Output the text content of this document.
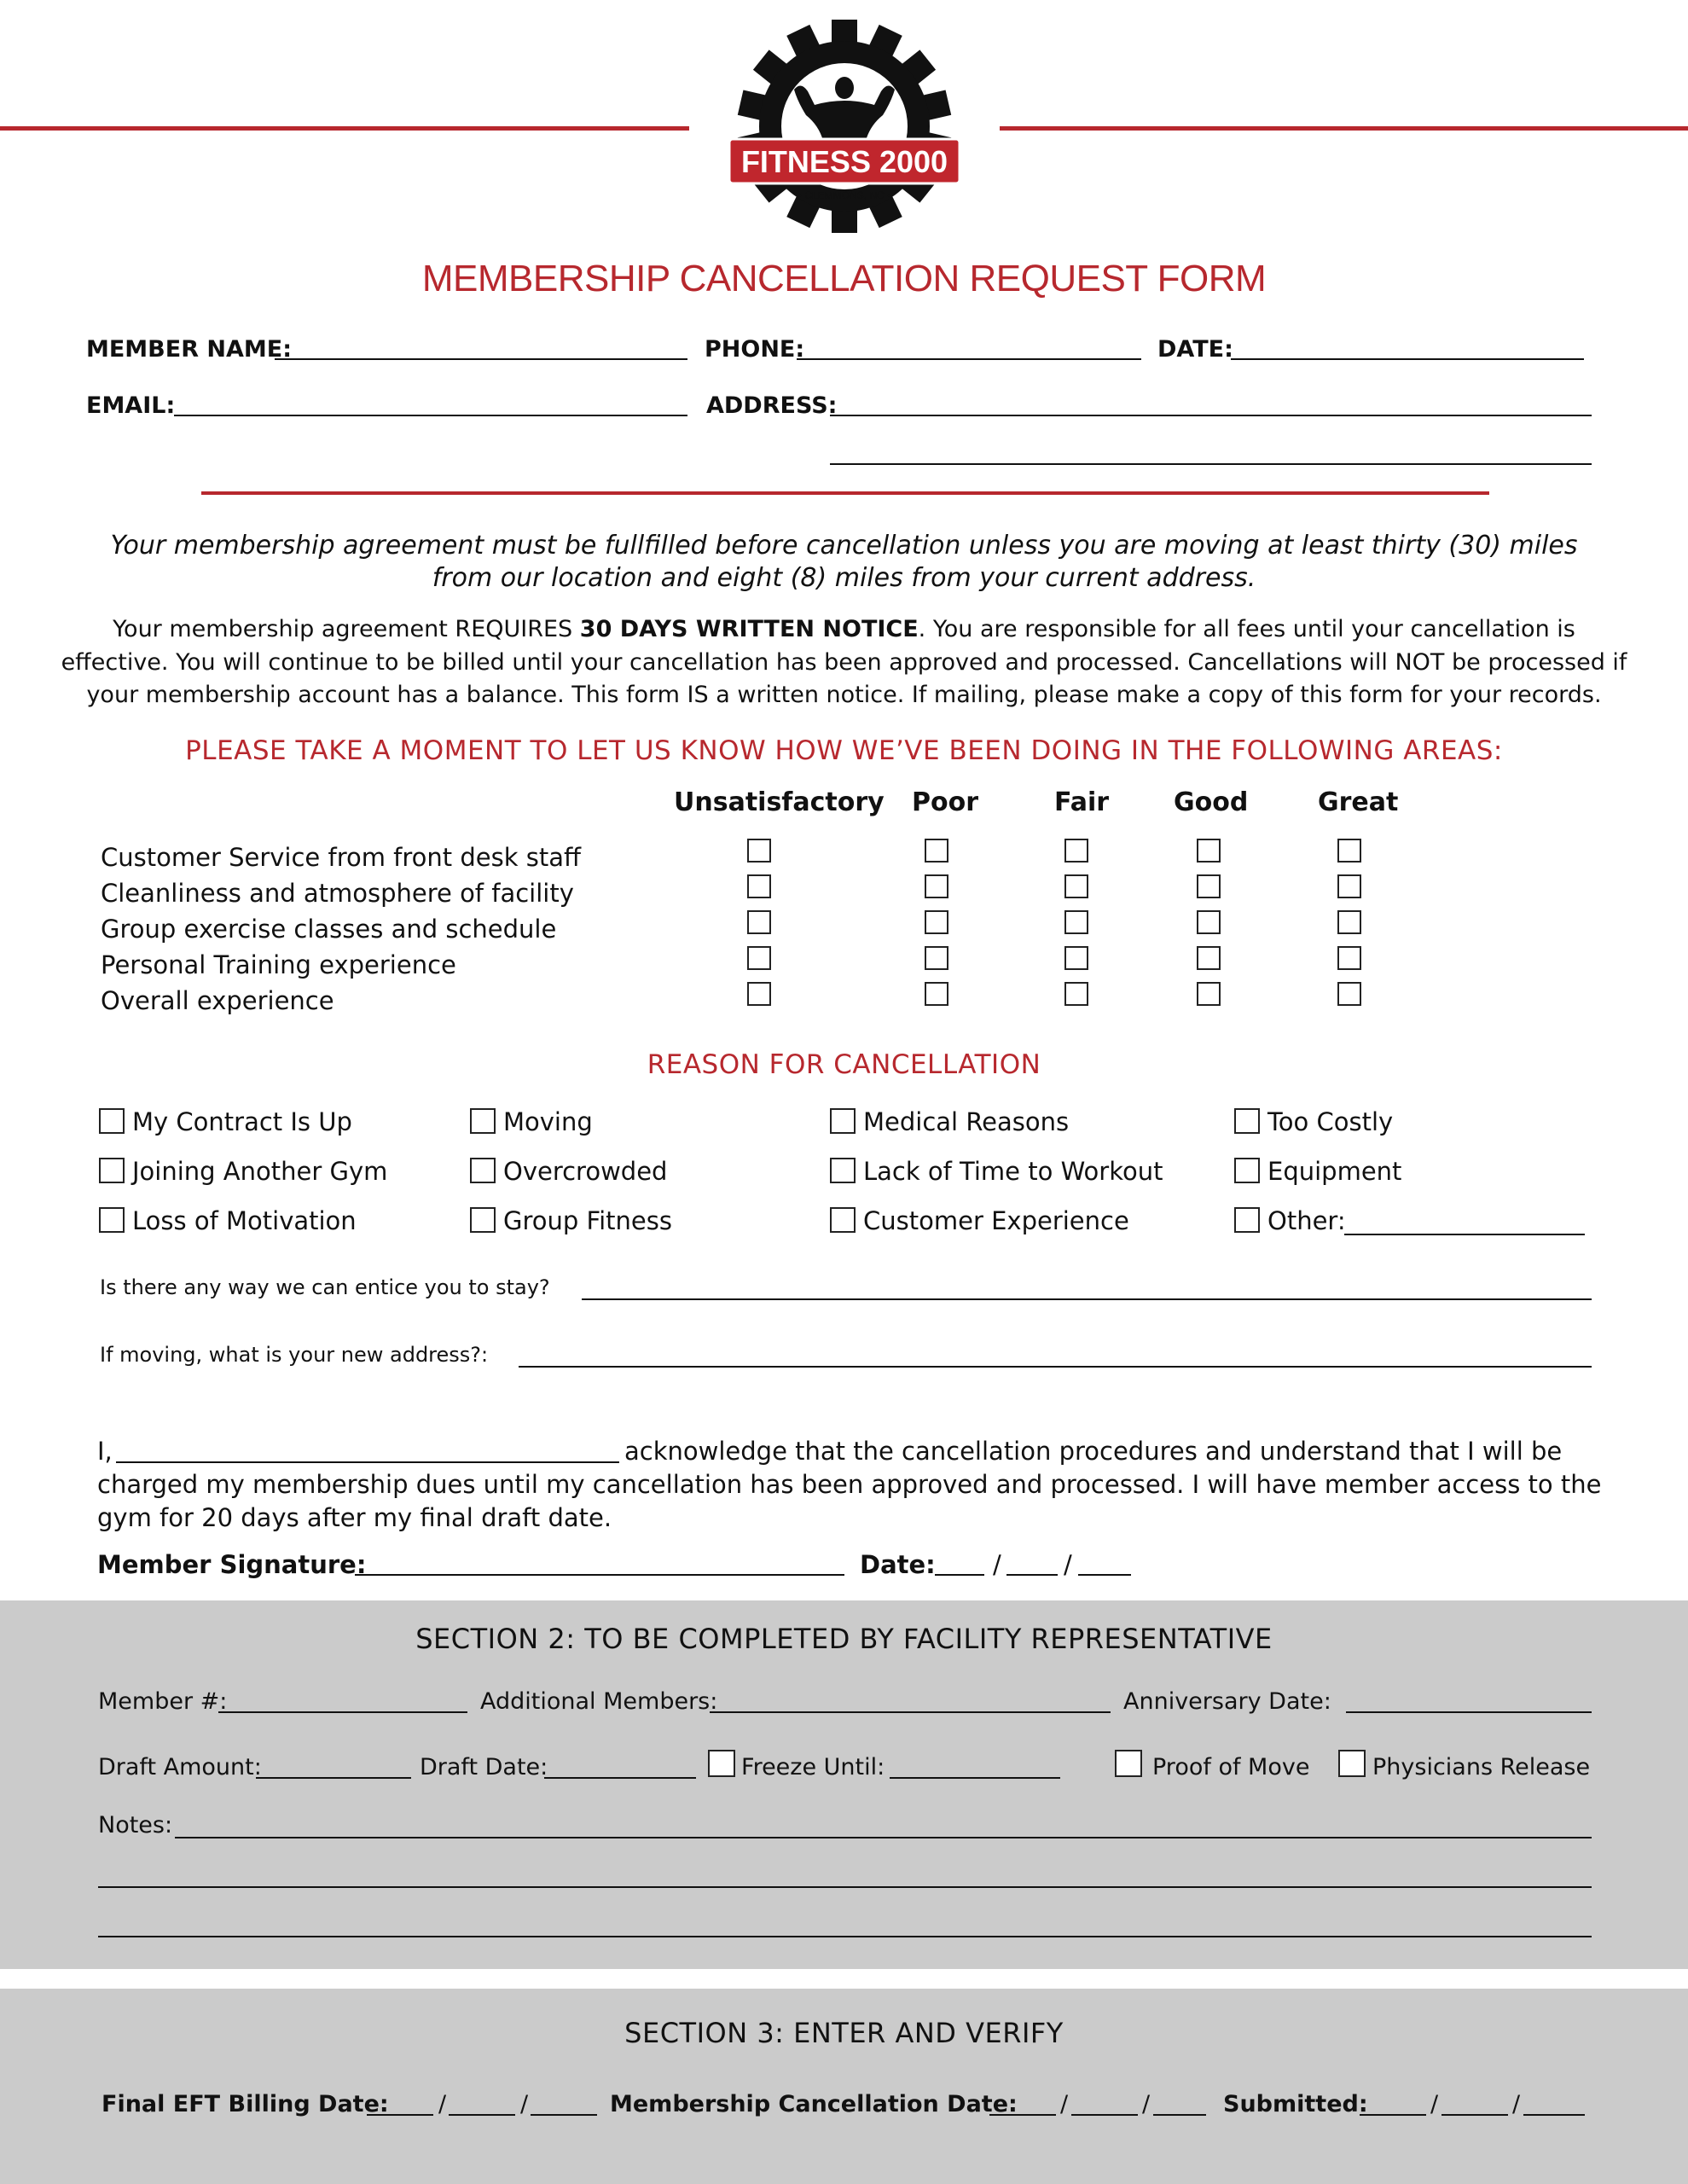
FITNESS 2000
• CLEMMONS, NC •
MEMBERSHIP CANCELLATION REQUEST FORM
MEMBER NAME:	PHONE:	DATE:
EMAIL:	ADDRESS:
Your membership agreement must be fullfilled before cancellation unless you are moving at least thirty (30) miles
from our location and eight (8) miles from your current address.
Your membership agreement REQUIRES 30 DAYS WRITTEN NOTICE. You are responsible for all fees until your cancellation is
effective. You will continue to be billed until your cancellation has been approved and processed. Cancellations will NOT be processed if
your membership account has a balance. This form IS a written notice. If mailing, please make a copy of this form for your records.
PLEASE TAKE A MOMENT TO LET US KNOW HOW WE’VE BEEN DOING IN THE FOLLOWING AREAS:
Unsatisfactory Poor	Fair	Good	Great
Customer Service from front desk staff
Cleanliness and atmosphere of facility
Group exercise classes and schedule
Personal Training experience
Overall experience
REASON FOR CANCELLATION
My Contract Is Up	Moving	Medical Reasons	Too Costly
Joining Another Gym	Overcrowded	Lack of Time to Workout	Equipment
Loss of Motivation	Group Fitness	Customer Experience	Other:
Is there any way we can entice you to stay?
If moving, what is your new address?:
I,	acknowledge that the cancellation procedures and understand that I will be
charged my membership dues until my cancellation has been approved and processed. I will have member access to the
gym for 20 days after my final draft date.
Member Signature:	Date: /	/
SECTION 2: TO BE COMPLETED BY FACILITY REPRESENTATIVE
Member #:	Additional Members:	Anniversary Date:
Draft Amount:	Draft Date:	Freeze Until:	Proof of Move	Physicians Release
Notes:
SECTION 3: ENTER AND VERIFY
Final EFT Billing Date: /	/	Membership Cancellation Date: /	/	Submitted:	/	/
